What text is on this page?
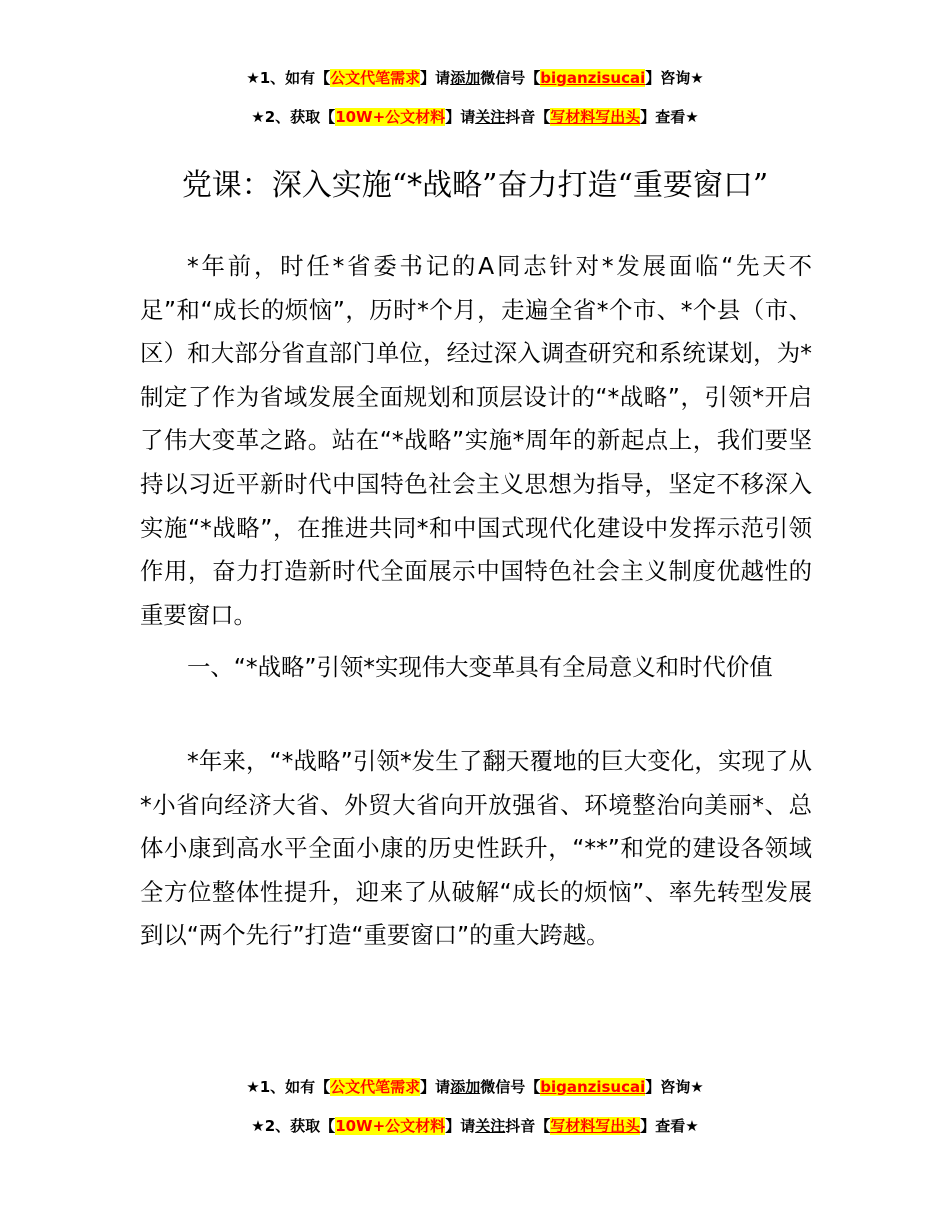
★1、如有【公文代笔需求】请添加微信号【biganzisucai】咨询★
★2、获取【10W+公文材料】请关注抖音【写材料写出头】查看★
党课：深入实施“*战略”奋力打造“重要窗口”

*年前，时任*省委书记的A同志针对*发展面临“先天不足”和“成长的烦恼”，历时*个月，走遍全省*个市、*个县（市、区）和大部分省直部门单位，经过深入调查研究和系统谋划，为*制定了作为省域发展全面规划和顶层设计的“*战略”，引领*开启了伟大变革之路。站在“*战略”实施*周年的新起点上，我们要坚持以习近平新时代中国特色社会主义思想为指导，坚定不移深入实施“*战略”，在推进共同*和中国式现代化建设中发挥示范引领作用，奋力打造新时代全面展示中国特色社会主义制度优越性的重要窗口。

一、“*战略”引领*实现伟大变革具有全局意义和时代价值

*年来，“*战略”引领*发生了翻天覆地的巨大变化，实现了从*小省向经济大省、外贸大省向开放强省、环境整治向美丽*、总体小康到高水平全面小康的历史性跃升，“**”和党的建设各领域全方位整体性提升，迎来了从破解“成长的烦恼”、率先转型发展到以“两个先行”打造“重要窗口”的重大跨越。

★1、如有【公文代笔需求】请添加微信号【biganzisucai】咨询★
★2、获取【10W+公文材料】请关注抖音【写材料写出头】查看★
